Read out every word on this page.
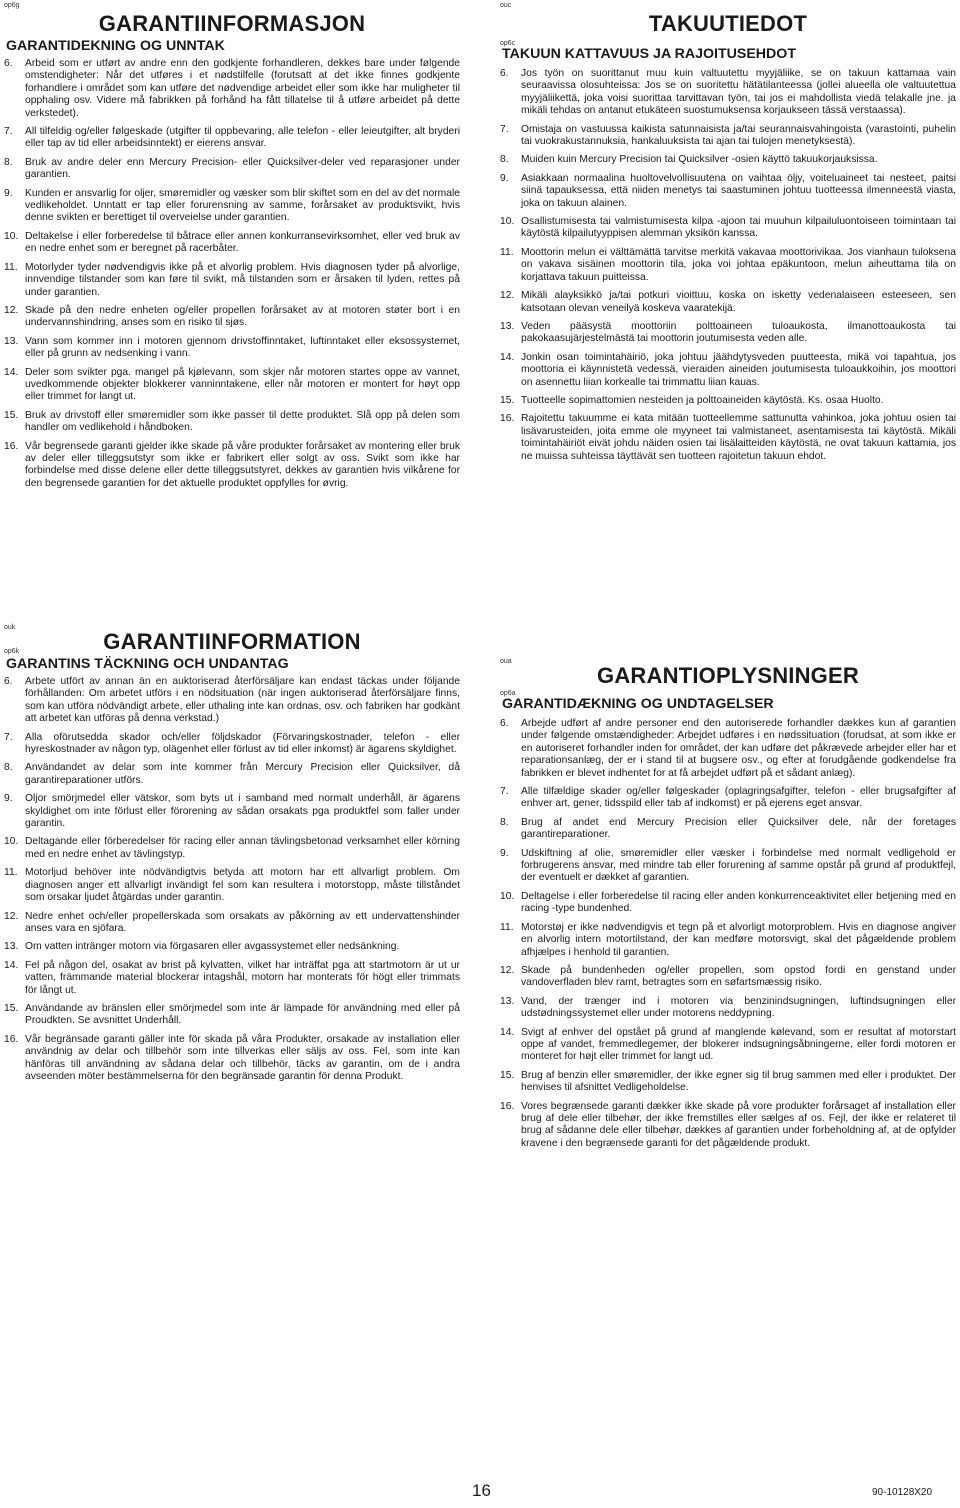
op6g
GARANTIINFORMASJON
GARANTIDEKNING OG UNNTAK
6. Arbeid som er utført av andre enn den godkjente forhandleren, dekkes bare under følgende omstendigheter: Når det utføres i et nødstilfelle (forutsatt at det ikke finnes godkjente forhandlere i området som kan utføre det nødvendige arbeidet eller som ikke har muligheter til opphaling osv. Videre må fabrikken på forhånd ha fått tillatelse til å utføre arbeidet på dette verkstedet).
7. All tilfeldig og/eller følgeskade (utgifter til oppbevaring, alle telefon - eller leieutgifter, alt bryderi eller tap av tid eller arbeidsinntekt) er eierens ansvar.
8. Bruk av andre deler enn Mercury Precision- eller Quicksilver-deler ved reparasjoner under garantien.
9. Kunden er ansvarlig for oljer, smøremidler og væsker som blir skiftet som en del av det normale vedlikeholdet. Unntatt er tap eller forurensning av samme, forårsaket av produktsvikt, hvis denne svikten er berettiget til overveielse under garantien.
10. Deltakelse i eller forberedelse til båtrace eller annen konkurransevirksomhet, eller ved bruk av en nedre enhet som er beregnet på racerbåter.
11. Motorlyder tyder nødvendigvis ikke på et alvorlig problem. Hvis diagnosen tyder på alvorlige, innvendige tilstander som kan føre til svikt, må tilstanden som er årsaken til lyden, rettes på under garantien.
12. Skade på den nedre enheten og/eller propellen forårsaket av at motoren støter bort i en undervannshindring, anses som en risiko til sjøs.
13. Vann som kommer inn i motoren gjennom drivstoffinntaket, luftinntaket eller eksossystemet, eller på grunn av nedsenking i vann.
14. Deler som svikter pga. mangel på kjølevann, som skjer når motoren startes oppe av vannet, uvedkommende objekter blokkerer vanninntakene, eller når motoren er montert for høyt opp eller trimmet for langt ut.
15. Bruk av drivstoff eller smøremidler som ikke passer til dette produktet. Slå opp på delen som handler om vedlikehold i håndboken.
16. Vår begrensede garanti gjelder ikke skade på våre produkter forårsaket av montering eller bruk av deler eller tilleggsutstyr som ikke er fabrikert eller solgt av oss. Svikt som ikke har forbindelse med disse delene eller dette tilleggsutstyret, dekkes av garantien hvis vilkårene for den begrensede garantien for det aktuelle produktet oppfylles for øvrig.
ouk
GARANTIINFORMATION
op6k
GARANTINS TÄCKNING OCH UNDANTAG
6. Arbete utfört av annan än en auktoriserad återförsäljare kan endast täckas under följande förhållanden: Om arbetet utförs i en nödsituation (när ingen auktoriserad återförsäljare finns, som kan utföra nödvändigt arbete, eller uthaling inte kan ordnas, osv. och fabriken har godkänt att arbetet kan utföras på denna verkstad.)
7. Alla oförutsedda skador och/eller följdskador (Förvaringskostnader, telefon - eller hyreskostnader av någon typ, olägenhet eller förlust av tid eller inkomst) är ägarens skyldighet.
8. Användandet av delar som inte kommer från Mercury Precision eller Quicksilver, då garantireparationer utförs.
9. Oljor smörjmedel eller vätskor, som byts ut i samband med normalt underhåll, är ägarens skyldighet om inte förlust eller förorening av sådan orsakats pga produktfel som faller under garantin.
10. Deltagande eller förberedelser för racing eller annan tävlingsbetonad verksamhet eller körning med en nedre enhet av tävlingstyp.
11. Motorljud behöver inte nödvändigtvis betyda att motorn har ett allvarligt problem. Om diagnosen anger ett allvarligt invändigt fel som kan resultera i motorstopp, måste tillståndet som orsakar ljudet åtgärdas under garantin.
12. Nedre enhet och/eller propellerskada som orsakats av påkörning av ett undervattenshinder anses vara en sjöfara.
13. Om vatten intränger motorn via förgasaren eller avgassystemet eller nedsänkning.
14. Fel på någon del, osakat av brist på kylvatten, vilket har inträffat pga att startmotorn är ut ur vatten, främmande material blockerar intagshål, motorn har monterats för högt eller trimmats för långt ut.
15. Användande av bränslen eller smörjmedel som inte är lämpade för användning med eller på Proudkten. Se avsnittet Underhåll.
16. Vår begränsade garanti gäller inte för skada på våra Produkter, orsakade av installation eller användnig av delar och tillbehör som inte tillverkas eller säljs av oss. Fel, som inte kan hänföras till användning av sådana delar och tillbehör, täcks av garantin, om de i andra avseenden möter bestämmelserna för den begränsade garantin för denna Produkt.
ouc
TAKUUTIEDOT
op6c
TAKUUN KATTAVUUS JA RAJOITUSEHDOT
6. Jos työn on suorittanut muu kuin valtuutettu myyjäliike, se on takuun kattamaa vain seuraavissa olosuhteissa: Jos se on suoritettu hätätilanteessa (jollei alueella ole valtuutettua myyjäliikettä, joka voisi suorittaa tarvittavan työn, tai jos ei mahdollista viedä telakalle jne. ja mikäli tehdas on antanut etukäteen suostumuksensa korjaukseen tässä verstaassa).
7. Omistaja on vastuussa kaikista satunnaisista ja/tai seurannaisvahingoista (varastointi, puhelin tai vuokrakustannuksia, hankaluuksista tai ajan tai tulojen menetyksestä).
8. Muiden kuin Mercury Precision tai Quicksilver -osien käyttö takuukorjauksissa.
9. Asiakkaan normaalina huoltovelvollisuutena on vaihtaa öljy, voiteluaineet tai nesteet, paitsi siinä tapauksessa, että niiden menetys tai saastuminen johtuu tuotteessa ilmenneestä viasta, joka on takuun alainen.
10. Osallistumisesta tai valmistumisesta kilpa -ajoon tai muuhun kilpailuluontoiseen toimintaan tai käytöstä kilpailutyyppisen alemman yksikön kanssa.
11. Moottorin melun ei välttämättä tarvitse merkitä vakavaa moottorivikaa. Jos vianhaun tuloksena on vakava sisäinen moottorin tila, joka voi johtaa epäkuntoon, melun aiheuttama tila on korjattava takuun puitteissa.
12. Mikäli alayksikkö ja/tai potkuri vioittuu, koska on isketty vedenalaiseen esteeseen, sen katsotaan olevan veneilyä koskeva vaaratekijä.
13. Veden pääsystä moottoriin polttoaineen tuloaukosta, ilmanottoaukosta tai pakokaasujärjestelmästä tai moottorin joutumisesta veden alle.
14. Jonkin osan toimintahäiriö, joka johtuu jäähdytysveden puutteesta, mikä voi tapahtua, jos moottoria ei käynnistetä vedessä, vieraiden aineiden joutumisesta tuloaukkoihin, jos moottori on asennettu liian korkealle tai trimmattu liian kauas.
15. Tuotteelle sopimattomien nesteiden ja polttoaineiden käytöstä. Ks. osaa Huolto.
16. Rajoitettu takuumme ei kata mitään tuotteellemme sattunutta vahinkoa, joka johtuu osien tai lisävarusteiden, joita emme ole myyneet tai valmistaneet, asentamisesta tai käytöstä. Mikäli toimintahäiriöt eivät johdu näiden osien tai lisälaitteiden käytöstä, ne ovat takuun kattamia, jos ne muissa suhteissa täyttävät sen tuotteen rajoitetun takuun ehdot.
oua
GARANTIOPLYSNINGER
op6a
GARANTIDÆKNING OG UNDTAGELSER
6. Arbejde udført af andre personer end den autoriserede forhandler dækkes kun af garantien under følgende omstændigheder: Arbejdet udføres i en nødssituation (forudsat, at som ikke er en autoriseret forhandler inden for området, der kan udføre det påkrævede arbejder eller har et reparationsanlæg, der er i stand til at bugsere osv., og efter at forudgående godkendelse fra fabrikken er blevet indhentet for at få arbejdet udført på et sådant anlæg).
7. Alle tilfældige skader og/eller følgeskader (oplagringsafgifter, telefon - eller brugsafgifter af enhver art, gener, tidsspild eller tab af indkomst) er på ejerens eget ansvar.
8. Brug af andet end Mercury Precision eller Quicksilver dele, når der foretages garantireparationer.
9. Udskiftning af olie, smøremidler eller væsker i forbindelse med normalt vedligehold er forbrugerens ansvar, med mindre tab eller forurening af samme opstår på grund af produktfejl, der eventuelt er dækket af garantien.
10. Deltagelse i eller forberedelse til racing eller anden konkurrenceaktivitet eller betjening med en racing -type bundenhed.
11. Motorstøj er ikke nødvendigvis et tegn på et alvorligt motorproblem. Hvis en diagnose angiver en alvorlig intern motortilstand, der kan medføre motorsvigt, skal det pågældende problem afhjælpes i henhold til garantien.
12. Skade på bundenheden og/eller propellen, som opstod fordi en genstand under vandoverfladen blev ramt, betragtes som en søfartsmæssig risiko.
13. Vand, der trænger ind i motoren via benzinindsugningen, luftindsugningen eller udstødningssystemet eller under motorens neddypning.
14. Svigt af enhver del opstået på grund af manglende kølevand, som er resultat af motorstart oppe af vandet, fremmedlegemer, der blokerer indsugningsåbningerne, eller fordi motoren er monteret for højt eller trimmet for langt ud.
15. Brug af benzin eller smøremidler, der ikke egner sig til brug sammen med eller i produktet. Der henvises til afsnittet Vedligeholdelse.
16. Vores begrænsede garanti dækker ikke skade på vore produkter forårsaget af installation eller brug af dele eller tilbehør, der ikke fremstilles eller sælges af os. Fejl, der ikke er relateret til brug af sådanne dele eller tilbehør, dækkes af garantien under forbeholdning af, at de opfylder kravene i den begrænsede garanti for det pågældende produkt.
16	90-10128X20
